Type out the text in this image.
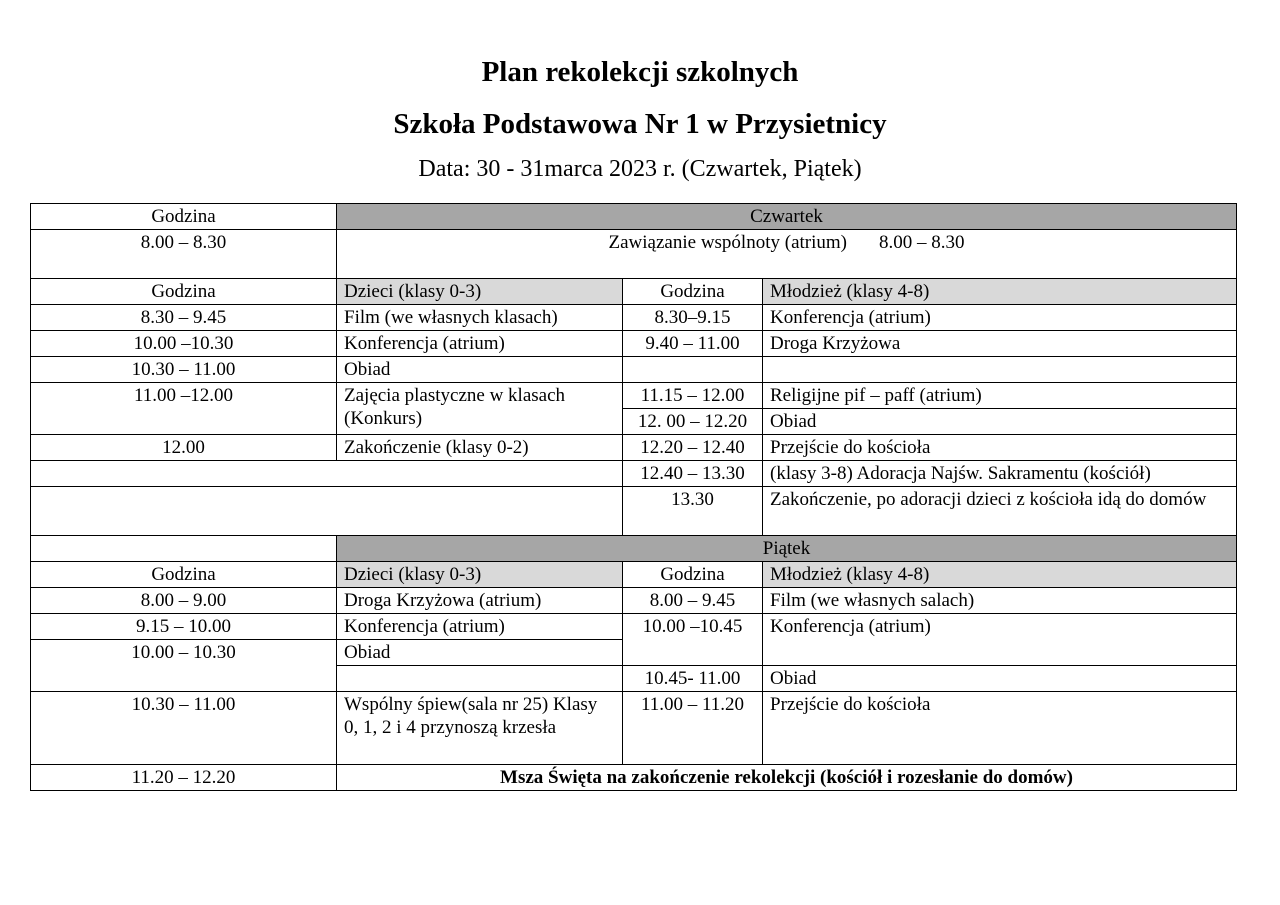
Plan rekolekcji szkolnych
Szkoła Podstawowa Nr 1 w Przysietnicy
Data: 30 - 31marca 2023 r. (Czwartek, Piątek)
Godzina	Czwartek		
8.00 – 8.30	Zawiązanie wspólnoty (atrium) 8.00 – 8.30		
Godzina	Dzieci (klasy 0-3)	Godzina	Młodzież (klasy 4-8)
8.30 – 9.45	Film (we własnych klasach)	8.30–9.15	Konferencja (atrium)
10.00 –10.30	Konferencja (atrium)	9.40 – 11.00	Droga Krzyżowa
10.30 – 11.00	Obiad		
11.00 –12.00	Zajęcia plastyczne w klasach (Konkurs)	11.15 – 12.00	Religijne pif – paff (atrium)
		12. 00 – 12.20	Obiad
12.00	Zakończenie (klasy 0-2)	12.20 – 12.40	Przejście do kościoła
		12.40 – 13.30	(klasy 3-8) Adoracja Najśw. Sakramentu (kościół)
		13.30	Zakończenie, po adoracji dzieci z kościoła idą do domów
	Piątek		
Godzina	Dzieci (klasy 0-3)	Godzina	Młodzież (klasy 4-8)
8.00 – 9.00	Droga Krzyżowa (atrium)	8.00 – 9.45	Film (we własnych salach)
9.15 – 10.00	Konferencja (atrium)	10.00 –10.45	Konferencja (atrium)
10.00 – 10.30	Obiad		
		10.45- 11.00	Obiad
10.30 – 11.00	Wspólny śpiew(sala nr 25) Klasy 0, 1, 2 i 4 przynoszą krzesła	11.00 – 11.20	Przejście do kościoła
11.20 – 12.20	Msza Święta na zakończenie rekolekcji (kościół i rozesłanie do domów)		
